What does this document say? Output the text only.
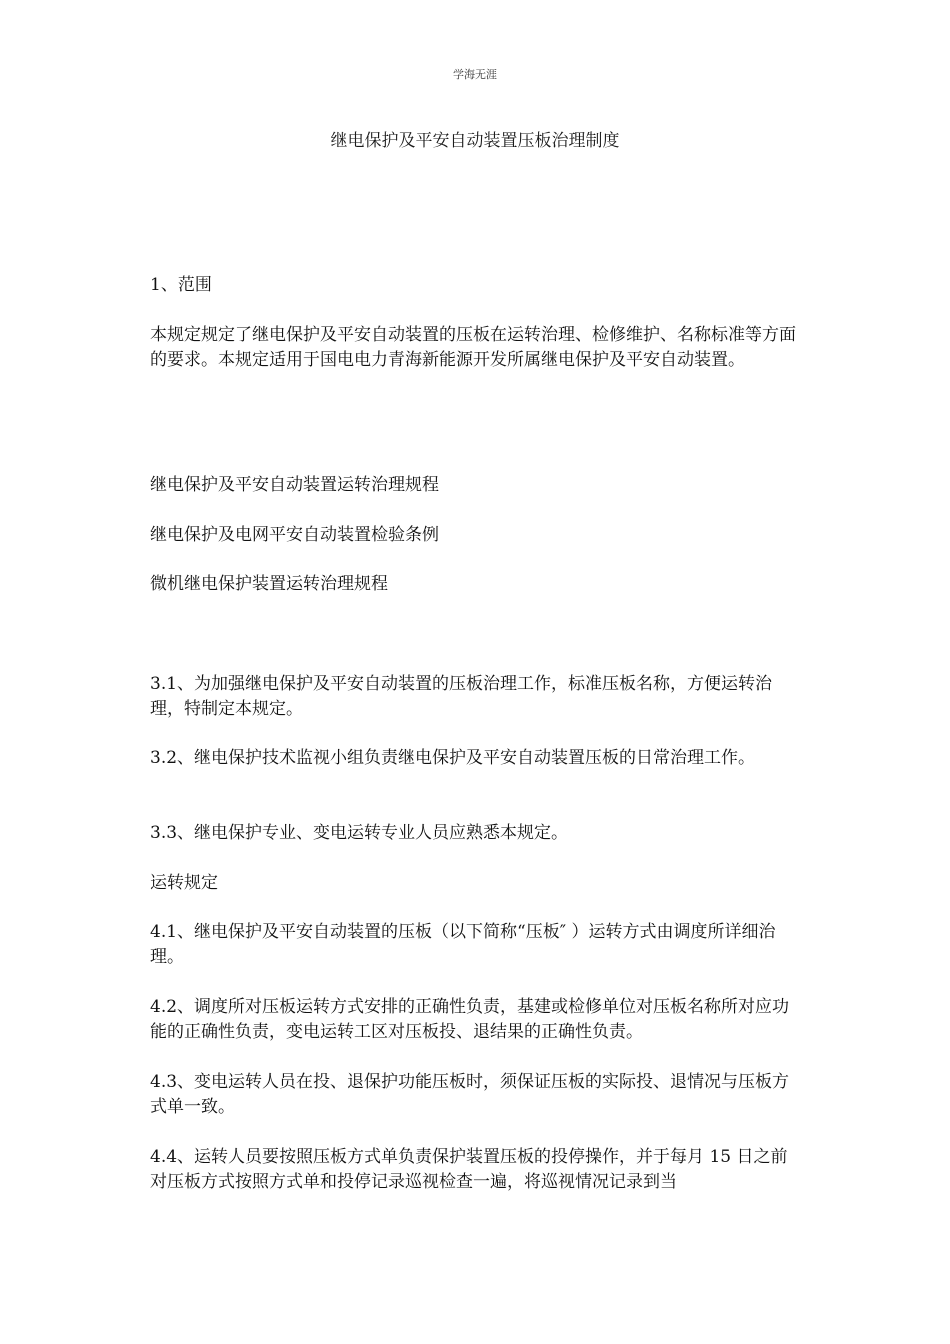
学海无涯
继电保护及平安自动装置压板治理制度

1、范围

本规定规定了继电保护及平安自动装置的压板在运转治理、检修维护、名称标准等方面的要求。本规定适用于国电电力青海新能源开发所属继电保护及平安自动装置。

继电保护及平安自动装置运转治理规程

继电保护及电网平安自动装置检验条例

微机继电保护装置运转治理规程

3.1、为加强继电保护及平安自动装置的压板治理工作，标准压板名称，方便运转治理，特制定本规定。

3.2、继电保护技术监视小组负责继电保护及平安自动装置压板的日常治理工作。

3.3、继电保护专业、变电运转专业人员应熟悉本规定。

运转规定

4.1、继电保护及平安自动装置的压板（以下简称“压板″ ）运转方式由调度所详细治理。

4.2、调度所对压板运转方式安排的正确性负责，基建或检修单位对压板名称所对应功能的正确性负责，变电运转工区对压板投、退结果的正确性负责。

4.3、变电运转人员在投、退保护功能压板时，须保证压板的实际投、退情况与压板方式单一致。

4.4、运转人员要按照压板方式单负责保护装置压板的投停操作，并于每月 15 日之前对压板方式按照方式单和投停记录巡视检查一遍，将巡视情况记录到当
